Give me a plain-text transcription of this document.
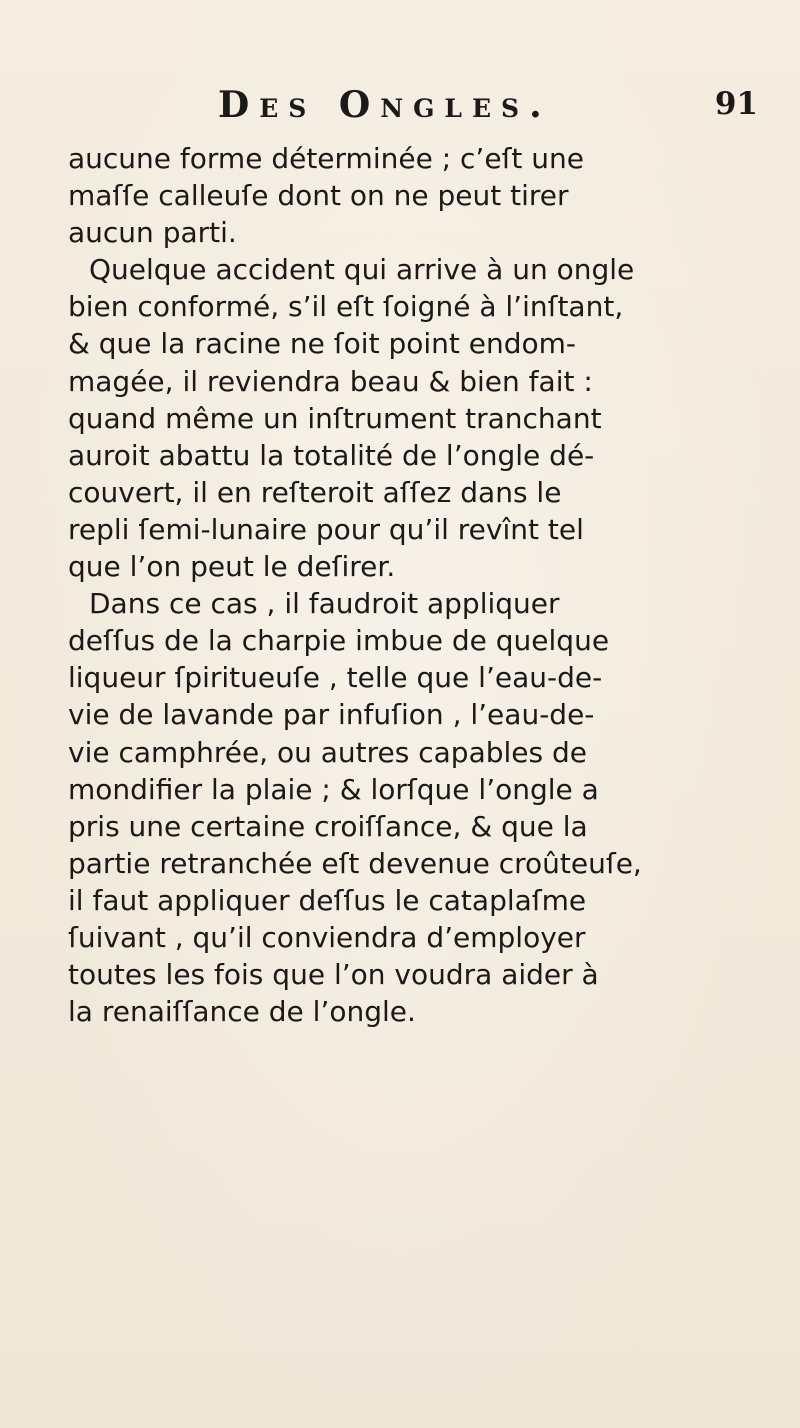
Des Ongles.	91
aucune forme déterminée ; c’eſt une
maſſe calleuſe dont on ne peut tirer
aucun parti.
Quelque accident qui arrive à un ongle
bien conformé, s’il eſt ſoigné à l’inſtant,
& que la racine ne ſoit point endom-
magée, il reviendra beau & bien fait :
quand même un inſtrument tranchant
auroit abattu la totalité de l’ongle dé-
couvert, il en reſteroit aſſez dans le
repli ſemi-lunaire pour qu’il revînt tel
que l’on peut le deſirer.
Dans ce cas , il faudroit appliquer
deſſus de la charpie imbue de quelque
liqueur ſpiritueuſe , telle que l’eau-de-
vie de lavande par infuſion , l’eau-de-
vie camphrée, ou autres capables de
mondifier la plaie ; & lorſque l’ongle a
pris une certaine croiſſance, & que la
partie retranchée eſt devenue croûteuſe,
il faut appliquer deſſus le cataplaſme
ſuivant , qu’il conviendra d’employer
toutes les fois que l’on voudra aider à
la renaiſſance de l’ongle.
